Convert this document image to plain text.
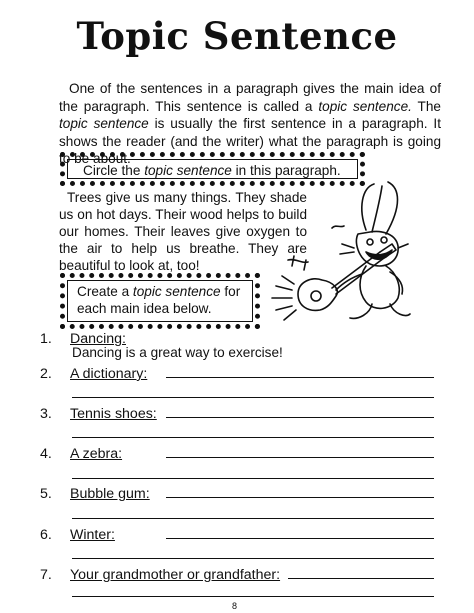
Topic Sentence

One of the sentences in a paragraph gives the main idea of the paragraph. This sentence is called a topic sentence. The topic sentence is usually the first sentence in a paragraph. It shows the reader (and the writer) what the paragraph is going to be about.

Circle the topic sentence in this paragraph.

Trees give us many things. They shade us on hot days. Their wood helps to build our homes. Their leaves give oxygen to the air to help us breathe. They are beautiful to look at, too!

Create a topic sentence for each main idea below.
1. Dancing:
Dancing is a great way to exercise!
2. A dictionary:
3. Tennis shoes:
4. A zebra:
5. Bubble gum:
6. Winter:
7. Your grandmother or grandfather:
8
